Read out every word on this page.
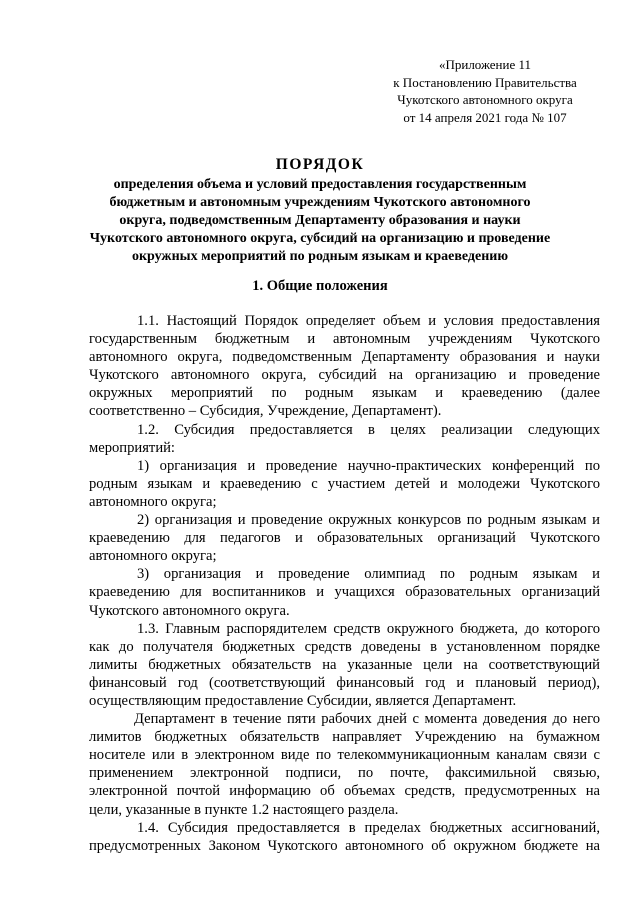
«Приложение 11
к Постановлению Правительства
Чукотского автономного округа
от 14 апреля 2021 года № 107
ПОРЯДОК
определения объема и условий предоставления государственным
бюджетным и автономным учреждениям Чукотского автономного
округа, подведомственным Департаменту образования и науки
Чукотского автономного округа, субсидий на организацию и проведение
окружных мероприятий по родным языкам и краеведению
1. Общие положения
1.1. Настоящий Порядок определяет объем и условия предоставления
государственным бюджетным и автономным учреждениям Чукотского
автономного округа, подведомственным Департаменту образования и науки
Чукотского автономного округа, субсидий на организацию и проведение
окружных мероприятий по родным языкам и краеведению (далее
соответственно – Субсидия, Учреждение, Департамент).
1.2. Субсидия предоставляется в целях реализации следующих
мероприятий:
1) организация и проведение научно-практических конференций по
родным языкам и краеведению с участием детей и молодежи Чукотского
автономного округа;
2) организация и проведение окружных конкурсов по родным языкам и
краеведению для педагогов и образовательных организаций Чукотского
автономного округа;
3) организация и проведение олимпиад по родным языкам и
краеведению для воспитанников и учащихся образовательных организаций
Чукотского автономного округа.
1.3. Главным распорядителем средств окружного бюджета, до которого
как до получателя бюджетных средств доведены в установленном порядке
лимиты бюджетных обязательств на указанные цели на соответствующий
финансовый год (соответствующий финансовый год и плановый период),
осуществляющим предоставление Субсидии, является Департамент.
Департамент в течение пяти рабочих дней с момента доведения до него
лимитов бюджетных обязательств направляет Учреждению на бумажном
носителе или в электронном виде по телекоммуникационным каналам связи с
применением электронной подписи, по почте, факсимильной связью,
электронной почтой информацию об объемах средств, предусмотренных на
цели, указанные в пункте 1.2 настоящего раздела.
1.4. Субсидия предоставляется в пределах бюджетных ассигнований,
предусмотренных Законом Чукотского автономного об окружном бюджете на
